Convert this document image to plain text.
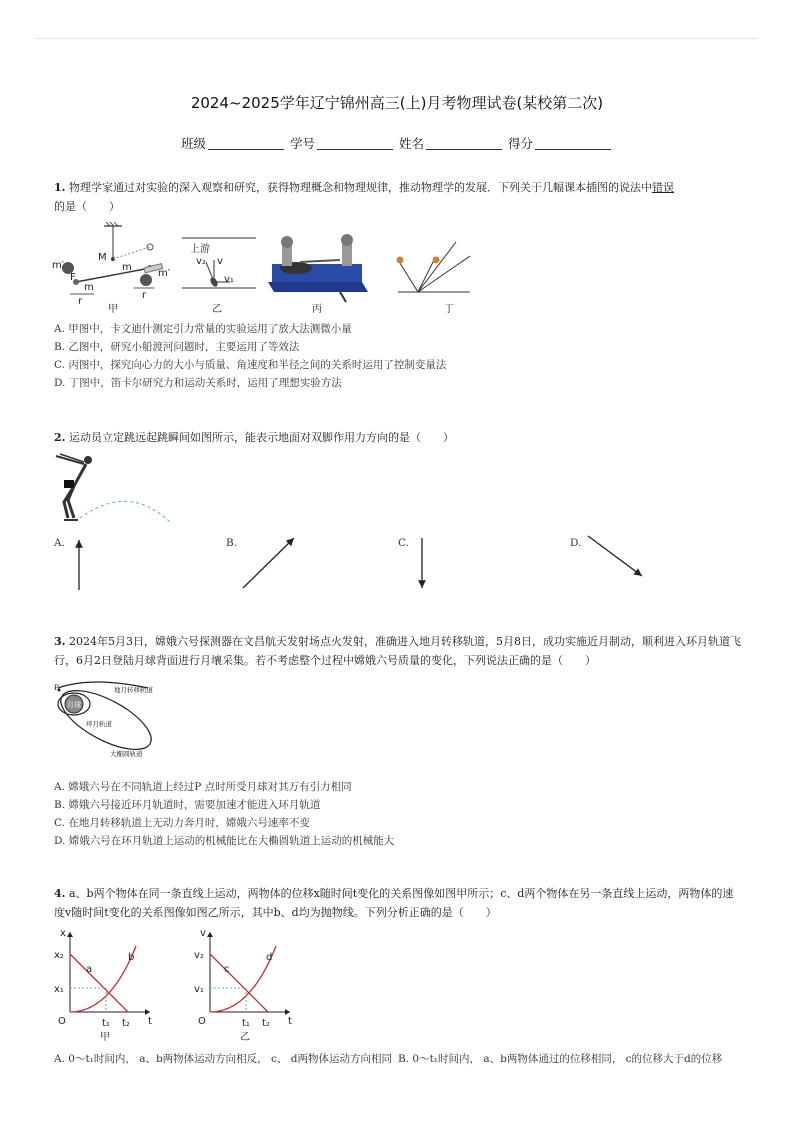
2024~2025学年辽宁锦州高三(上)月考物理试卷(某校第二次)
班级	学号	姓名	得分
1. 物理学家通过对实验的深入观察和研究，获得物理概念和物理规律，推动物理学的发展．下列关于几幅课本插图的说法中错误
的是（　　）
m′
F
m
M
m
m′
r
r
甲
上游
v₂ v
v₁
乙	丙	丁
A. 甲图中，卡文迪什测定引力常量的实验运用了放大法测微小量
B. 乙图中，研究小船渡河问题时，主要运用了等效法
C. 丙图中，探究向心力的大小与质量、角速度和半径之间的关系时运用了控制变量法
D. 丁图中，笛卡尔研究力和运动关系时，运用了理想实验方法
2. 运动员立定跳远起跳瞬间如图所示，能表示地面对双脚作用力方向的是（　　）
A.	B.	C.	D.
3. 2024年5月3日，嫦娥六号探测器在文昌航天发射场点火发射，准确进入地月转移轨道，5月8日，成功实施近月制动，顺利进入环月轨道飞行，6月2日登陆月球背面进行月壤采集。若不考虑整个过程中嫦娥六号质量的变化，下列说法正确的是（　　）
P
月球
地月转移轨道
环月轨道
大椭圆轨道
A. 嫦娥六号在不同轨道上经过P 点时所受月球对其万有引力相同
B. 嫦娥六号接近环月轨道时，需要加速才能进入环月轨道
C. 在地月转移轨道上无动力奔月时，嫦娥六号速率不变
D. 嫦娥六号在环月轨道上运动的机械能比在大椭圆轨道上运动的机械能大
4. a、b两个物体在同一条直线上运动，两物体的位移x随时间t变化的关系图像如图甲所示；c、d两个物体在另一条直线上运动，两物体的速度v随时间t变化的关系图像如图乙所示，其中b、d均为抛物线。下列分析正确的是（　　）
x
t
O
x₂
x₁
a
b
t₁ t₂
甲
v
t
O
v₂
v₁
c
d
t₁ t₂
乙
A. 0～t₁时间内， a、b两物体运动方向相反， c、 d两物体运动方向相同 B. 0～t₁时间内， a、b两物体通过的位移相同， c的位移大于d的位移
